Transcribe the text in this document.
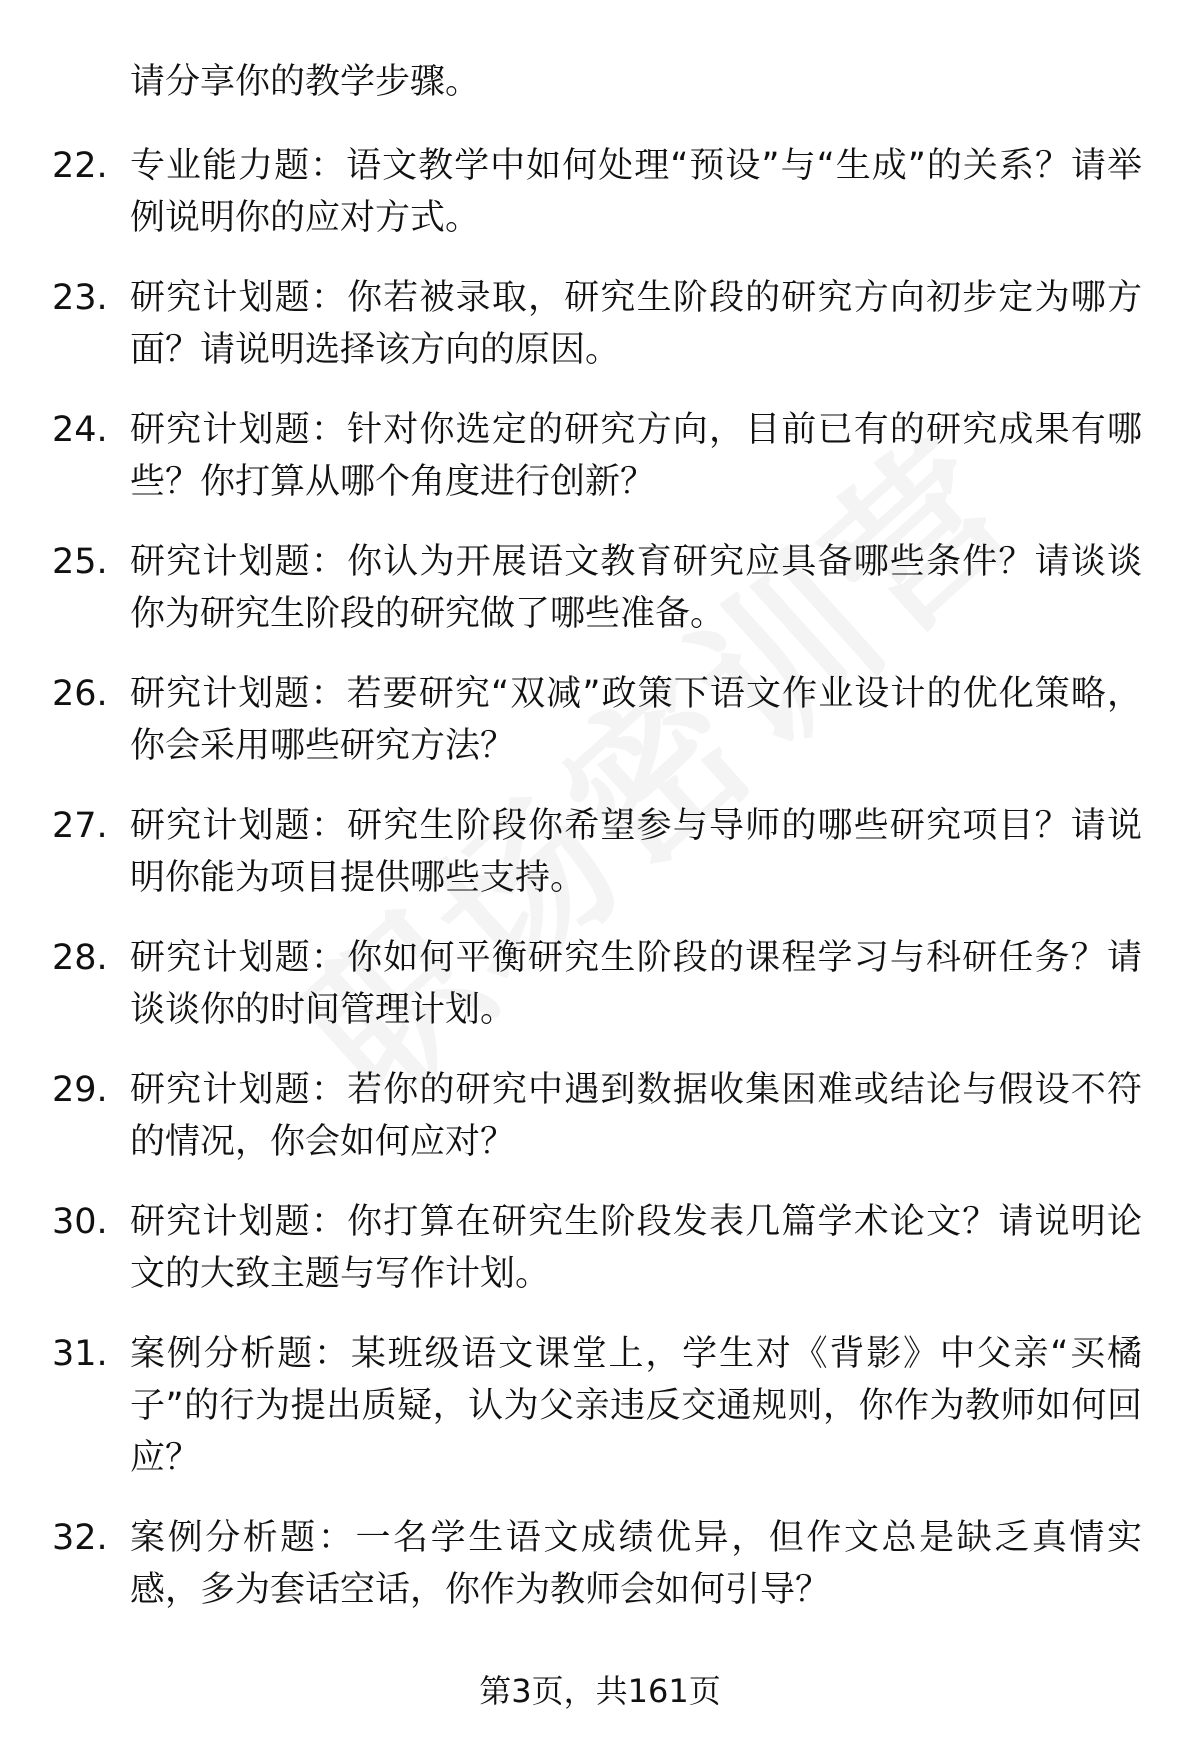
请分享你的教学步骤。

22. 专业能力题：语文教学中如何处理“预设”与“生成”的关系？请举例说明你的应对方式。

23. 研究计划题：你若被录取，研究生阶段的研究方向初步定为哪方面？请说明选择该方向的原因。

24. 研究计划题：针对你选定的研究方向，目前已有的研究成果有哪些？你打算从哪个角度进行创新？

25. 研究计划题：你认为开展语文教育研究应具备哪些条件？请谈谈你为研究生阶段的研究做了哪些准备。

26. 研究计划题：若要研究“双减”政策下语文作业设计的优化策略，你会采用哪些研究方法？

27. 研究计划题：研究生阶段你希望参与导师的哪些研究项目？请说明你能为项目提供哪些支持。

28. 研究计划题：你如何平衡研究生阶段的课程学习与科研任务？请谈谈你的时间管理计划。

29. 研究计划题：若你的研究中遇到数据收集困难或结论与假设不符的情况，你会如何应对？

30. 研究计划题：你打算在研究生阶段发表几篇学术论文？请说明论文的大致主题与写作计划。

31. 案例分析题：某班级语文课堂上，学生对《背影》中父亲“买橘子”的行为提出质疑，认为父亲违反交通规则，你作为教师如何回应？

32. 案例分析题：一名学生语文成绩优异，但作文总是缺乏真情实感，多为套话空话，你作为教师会如何引导？

第3页，共161页
